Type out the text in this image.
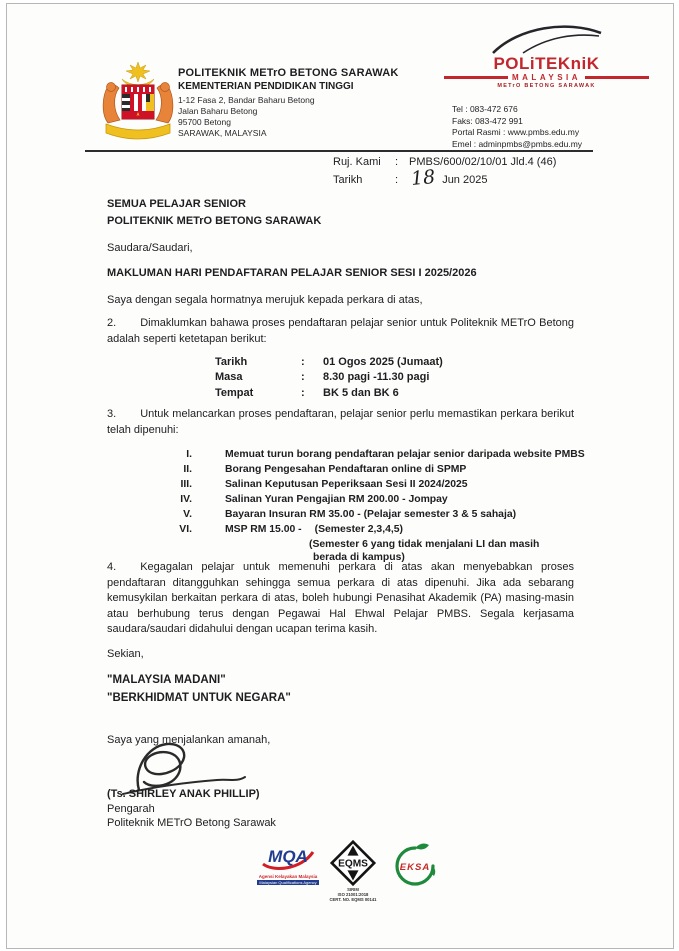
POLITEKNIK METrO BETONG SARAWAK
KEMENTERIAN PENDIDIKAN TINGGI
1-12 Fasa 2, Bandar Baharu Betong
Jalan Baharu Betong
95700 Betong
SARAWAK, MALAYSIA
POLiTEKniK
MALAYSIA
METrO BETONG SARAWAK
Tel : 083-472 676
Faks: 083-472 991
Portal Rasmi : www.pmbs.edu.my
Emel : adminpmbs@pmbs.edu.my
Ruj. Kami	: PMBS/600/02/10/01 Jld.4 (46)
Tarikh	: 18 Jun 2025
SEMUA PELAJAR SENIOR
POLITEKNIK METrO BETONG SARAWAK
Saudara/Saudari,
MAKLUMAN HARI PENDAFTARAN PELAJAR SENIOR SESI I 2025/2026
Saya dengan segala hormatnya merujuk kepada perkara di atas,
2. Dimaklumkan bahawa proses pendaftaran pelajar senior untuk Politeknik METrO Betong adalah seperti ketetapan berikut:
Tarikh	:	01 Ogos 2025 (Jumaat)
Masa	:	8.30 pagi -11.30 pagi
Tempat	:	BK 5 dan BK 6
3. Untuk melancarkan proses pendaftaran, pelajar senior perlu memastikan perkara berikut telah dipenuhi:
I.	Memuat turun borang pendaftaran pelajar senior daripada website PMBS
II.	Borang Pengesahan Pendaftaran online di SPMP
III.	Salinan Keputusan Peperiksaan Sesi II 2024/2025
IV.	Salinan Yuran Pengajian RM 200.00 - Jompay
V.	Bayaran Insuran RM 35.00 - (Pelajar semester 3 & 5 sahaja)
VI.	MSP RM 15.00 - (Semester 2,3,4,5)
(Semester 6 yang tidak menjalani LI dan masih
berada di kampus)
4. Kegagalan pelajar untuk memenuhi perkara di atas akan menyebabkan proses pendaftaran ditangguhkan sehingga semua perkara di atas dipenuhi. Jika ada sebarang kemusykilan berkaitan perkara di atas, boleh hubungi Penasihat Akademik (PA) masing-masin atau berhubung terus dengan Pegawai Hal Ehwal Pelajar PMBS. Segala kerjasama saudara/saudari didahului dengan ucapan terima kasih.
Sekian,
"MALAYSIA MADANI"
"BERKHIDMAT UNTUK NEGARA"
Saya yang menjalankan amanah,
(Ts. SHIRLEY ANAK PHILLIP)
Pengarah
Politeknik METrO Betong Sarawak
MQA
Agensi Kelayakan Malaysia
Malaysian Qualifications Agency
EQMS
SIRIM
ISO 21001:2018
CERT. NO. EQMS 00141
EKSA
